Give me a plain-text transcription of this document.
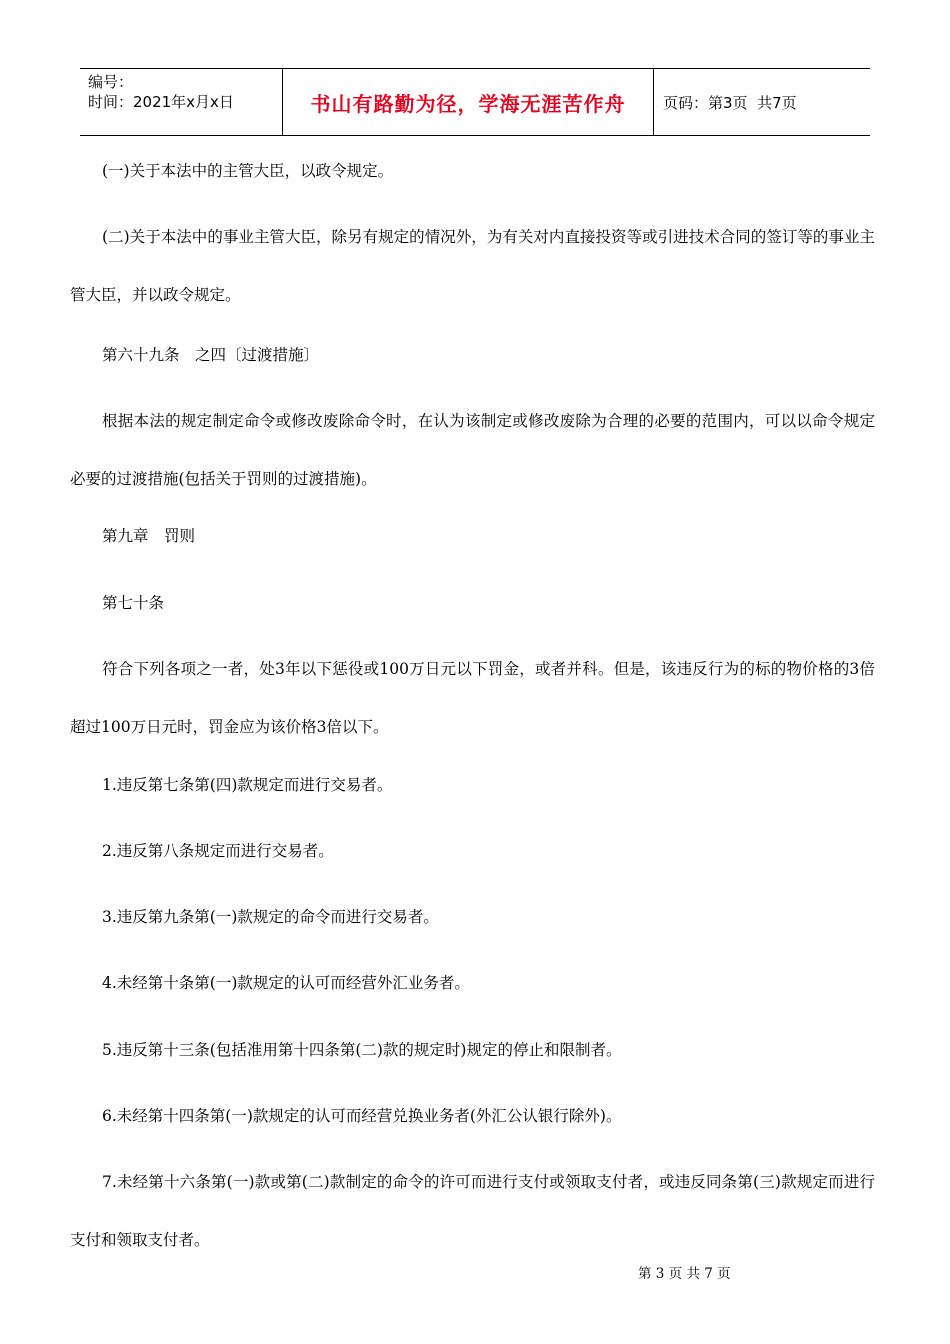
编号：
时间：2021年x月x日	书山有路勤为径，学海无涯苦作舟	页码：第3页  共7页

(一)关于本法中的主管大臣，以政令规定。

(二)关于本法中的事业主管大臣，除另有规定的情况外，为有关对内直接投资等或引进技术合同的签订等的事业主管大臣，并以政令规定。

第六十九条　之四〔过渡措施〕

根据本法的规定制定命令或修改废除命令时，在认为该制定或修改废除为合理的必要的范围内，可以以命令规定必要的过渡措施(包括关于罚则的过渡措施)。

第九章　罚则

第七十条

符合下列各项之一者，处3年以下惩役或100万日元以下罚金，或者并科。但是，该违反行为的标的物价格的3倍超过100万日元时，罚金应为该价格3倍以下。

1.违反第七条第(四)款规定而进行交易者。

2.违反第八条规定而进行交易者。

3.违反第九条第(一)款规定的命令而进行交易者。

4.未经第十条第(一)款规定的认可而经营外汇业务者。

5.违反第十三条(包括准用第十四条第(二)款的规定时)规定的停止和限制者。

6.未经第十四条第(一)款规定的认可而经营兑换业务者(外汇公认银行除外)。

7.未经第十六条第(一)款或第(二)款制定的命令的许可而进行支付或领取支付者，或违反同条第(三)款规定而进行支付和领取支付者。

第 3 页 共 7 页
